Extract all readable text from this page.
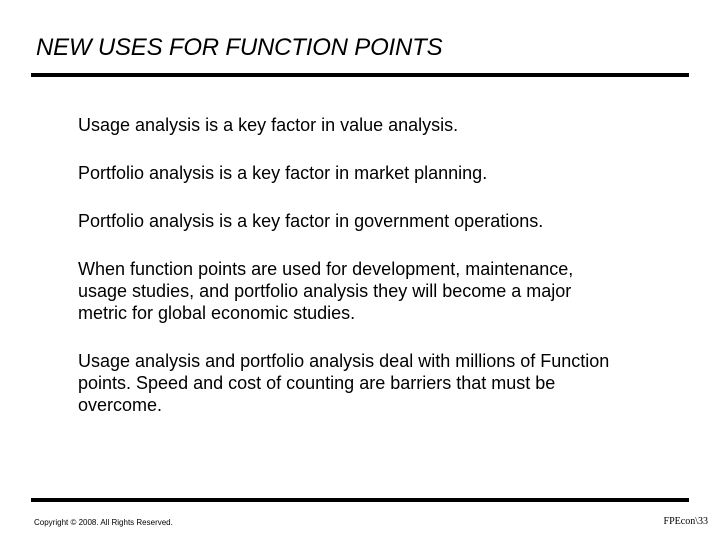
NEW USES FOR FUNCTION POINTS

Usage analysis is a key factor in value analysis.

Portfolio analysis is a key factor in market planning.

Portfolio analysis is a key factor in government operations.

When function points are used for development, maintenance, usage studies, and portfolio analysis they will become a major metric for global economic studies.

Usage analysis and portfolio analysis deal with millions of Function points. Speed and cost of counting are barriers that must be overcome.

Copyright © 2008. All Rights Reserved.	FPEcon\33
